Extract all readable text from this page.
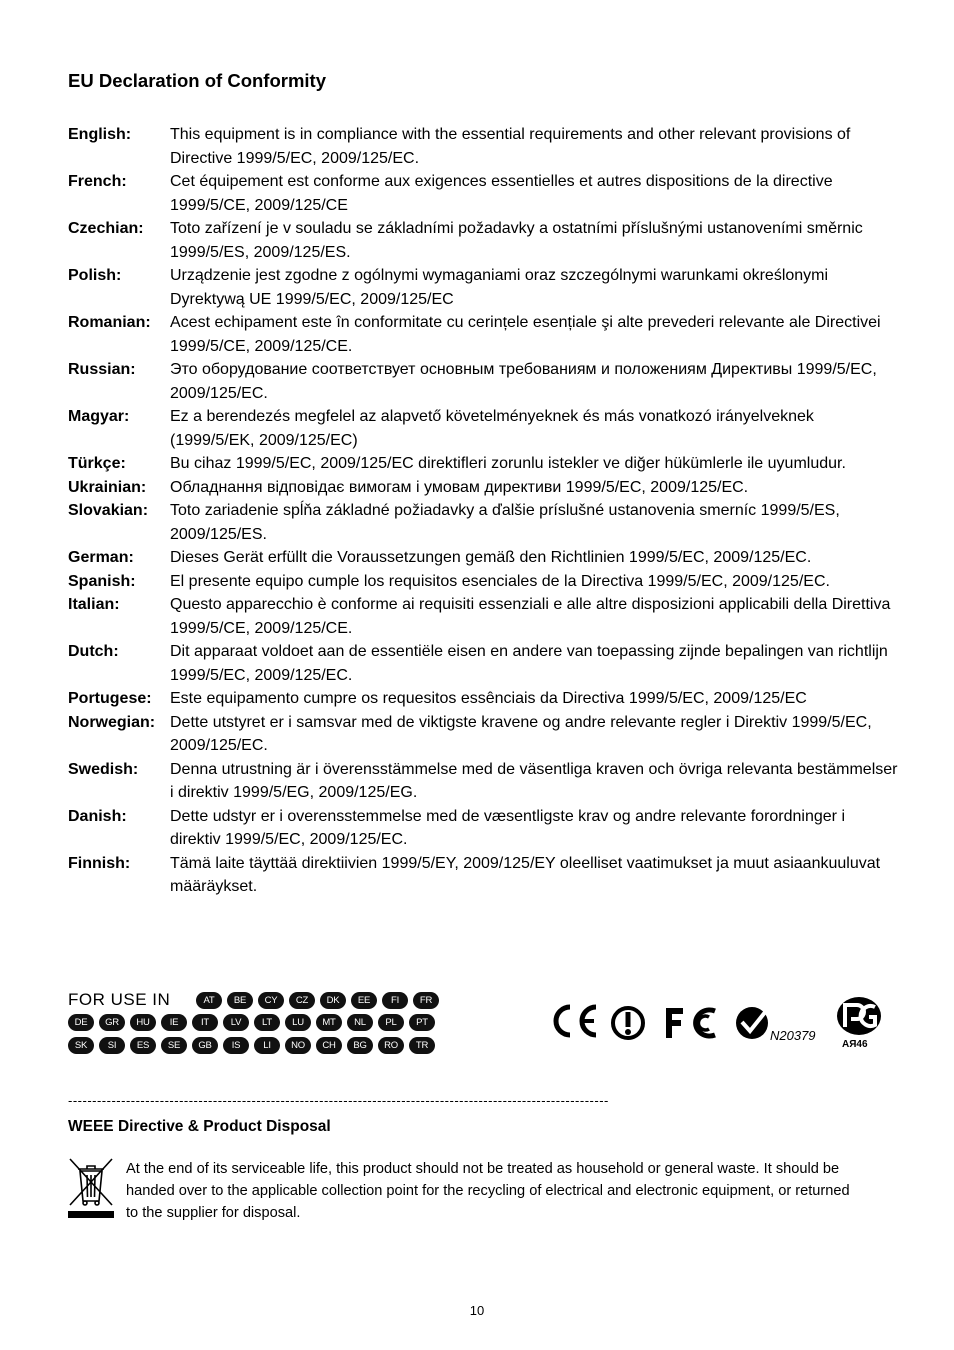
EU Declaration of Conformity
English:	This equipment is in compliance with the essential requirements and other relevant provisions of Directive 1999/5/EC, 2009/125/EC.
French:	Cet équipement est conforme aux exigences essentielles et autres dispositions de la directive 1999/5/CE, 2009/125/CE
Czechian:	Toto zařízení je v souladu se základními požadavky a ostatními příslušnými ustanoveními směrnic 1999/5/ES, 2009/125/ES.
Polish:	Urządzenie jest zgodne z ogólnymi wymaganiami oraz szczególnymi warunkami określonymi Dyrektywą UE 1999/5/EC, 2009/125/EC
Romanian:	Acest echipament este în conformitate cu cerințele esențiale şi alte prevederi relevante ale Directivei 1999/5/CE, 2009/125/CE.
Russian:	Это оборудование соответствует основным требованиям и положениям Директивы 1999/5/EC, 2009/125/EC.
Magyar:	Ez a berendezés megfelel az alapvető követelményeknek és más vonatkozó irányelveknek (1999/5/EK, 2009/125/EC)
Türkçe:	Bu cihaz 1999/5/EC, 2009/125/EC direktifleri zorunlu istekler ve diğer hükümlerle ile uyumludur.
Ukrainian:	Обладнання відповідає вимогам і умовам директиви 1999/5/EC, 2009/125/EC.
Slovakian:	Toto zariadenie spĺňa základné požiadavky a ďalšie príslušné ustanovenia smerníc 1999/5/ES, 2009/125/ES.
German:	Dieses Gerät erfüllt die Voraussetzungen gemäß den Richtlinien 1999/5/EC, 2009/125/EC.
Spanish:	El presente equipo cumple los requisitos esenciales de la Directiva 1999/5/EC, 2009/125/EC.
Italian:	Questo apparecchio è conforme ai requisiti essenziali e alle altre disposizioni applicabili della Direttiva 1999/5/CE, 2009/125/CE.
Dutch:	Dit apparaat voldoet aan de essentiële eisen en andere van toepassing zijnde bepalingen van richtlijn 1999/5/EC, 2009/125/EC.
Portugese:	Este equipamento cumpre os requesitos essênciais da Directiva 1999/5/EC, 2009/125/EC
Norwegian: Dette utstyret er i samsvar med de viktigste kravene og andre relevante regler i Direktiv 1999/5/EC, 2009/125/EC.
Swedish:	Denna utrustning är i överensstämmelse med de väsentliga kraven och övriga relevanta bestämmelser i direktiv 1999/5/EG, 2009/125/EG.
Danish:	Dette udstyr er i overensstemmelse med de væsentligste krav og andre relevante forordninger i direktiv 1999/5/EC, 2009/125/EC.
Finnish:	Tämä laite täyttää direktiivien 1999/5/EY, 2009/125/EY oleelliset vaatimukset ja muut asiaankuuluvat määräykset.
FOR USE IN	AT	BE	CY	CZ	DK	EE	FI	FR
DE	GR	HU	IE	IT	LV	LT	LU	MT	NL	PL	PT
SK	SI	ES	SE	GB	IS	LI	NO	CH	BG	RO	TR
N20379
AЯ46
----------------------------------------------------------------------------------------------------------------
WEEE Directive & Product Disposal
At the end of its serviceable life, this product should not be treated as household or general waste. It should be handed over to the applicable collection point for the recycling of electrical and electronic equipment, or returned to the supplier for disposal.
10
